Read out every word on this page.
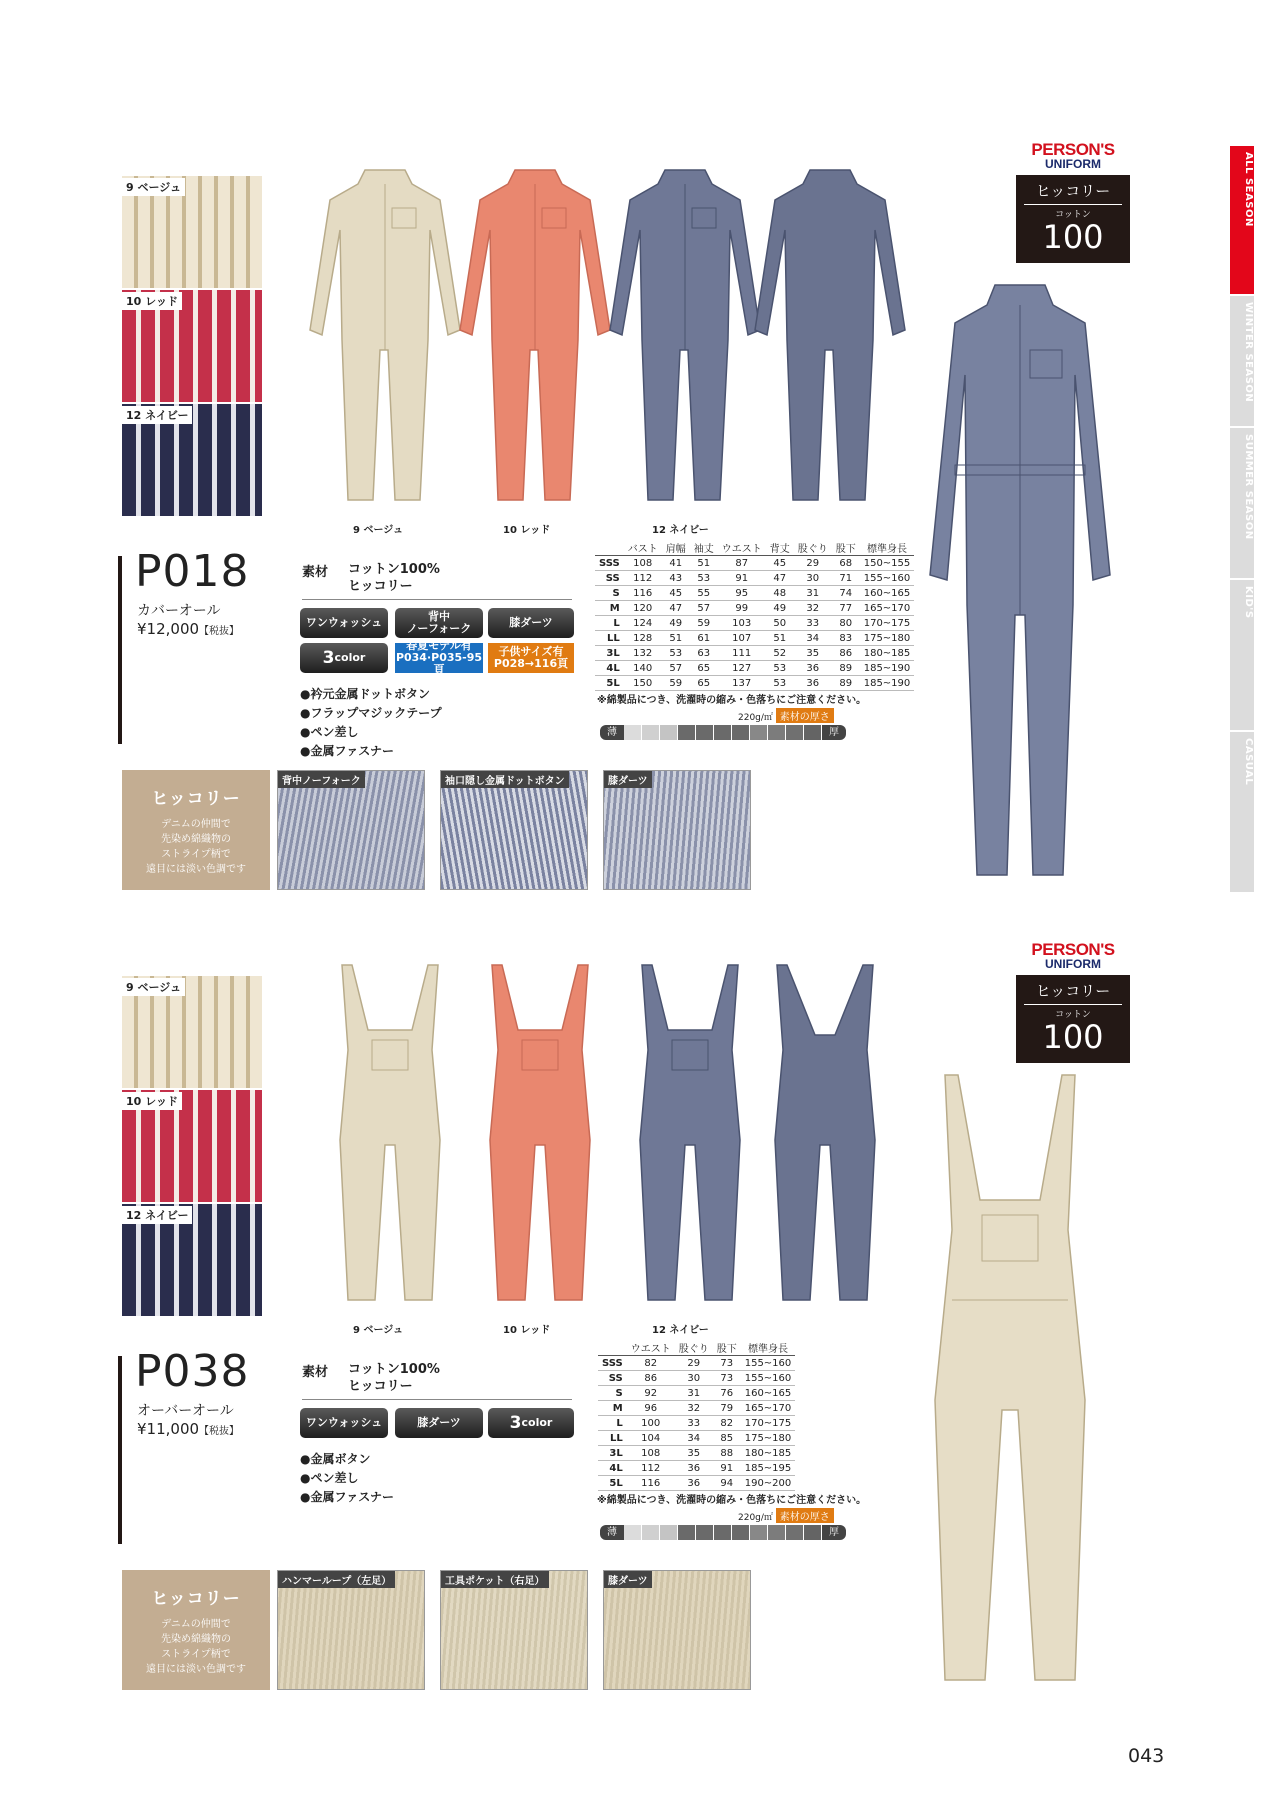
ALL SEASON
WINTER SEASON
SUMMER SEASON
KID'S
CASUAL
9 ベージュ
10 レッド
12 ネイビー
9 ベージュ	10 レッド	12 ネイビー
PERSON'S
UNIFORM
ヒッコリー
コットン
100
P018
カバーオール
¥12,000【税抜】
素材 コットン100%
ヒッコリー
ワンウォッシュ	背中
ノーフォーク	膝ダーツ
3 color
春夏モデル有
P034·P035-95頁
子供サイズ有
P028→116頁
●衿元金属ドットボタン
●フラップマジックテープ
●ペン差し
●金属ファスナー
	バスト	肩幅	袖丈	ウエスト	背丈	股ぐり	股下	標準身長
SSS	108	41	51	87	45	29	68	150~155
SS	112	43	53	91	47	30	71	155~160
S	116	45	55	95	48	31	74	160~165
M	120	47	57	99	49	32	77	165~170
L	124	49	59	103	50	33	80	170~175
LL	128	51	61	107	51	34	83	175~180
3L	132	53	63	111	52	35	86	180~185
4L	140	57	65	127	53	36	89	185~190
5L	150	59	65	137	53	36	89	185~190
※綿製品につき、洗濯時の縮み・色落ちにご注意ください。
220g/㎡ 素材の厚さ
薄	厚
ヒッコリー
デニムの仲間で
先染め綿織物の
ストライプ柄で
遠目には淡い色調です
背中ノーフォーク	袖口隠し金属ドットボタン	膝ダーツ
9 ベージュ
10 レッド
12 ネイビー
9 ベージュ	10 レッド	12 ネイビー
PERSON'S
UNIFORM
ヒッコリー
コットン
100
P038
オーバーオール
¥11,000【税抜】
素材 コットン100%
ヒッコリー
ワンウォッシュ	膝ダーツ	3 color
●金属ボタン
●ペン差し
●金属ファスナー
	ウエスト	股ぐり	股下	標準身長
SSS	82	29	73	155~160
SS	86	30	73	155~160
S	92	31	76	160~165
M	96	32	79	165~170
L	100	33	82	170~175
LL	104	34	85	175~180
3L	108	35	88	180~185
4L	112	36	91	185~195
5L	116	36	94	190~200
※綿製品につき、洗濯時の縮み・色落ちにご注意ください。
220g/㎡ 素材の厚さ
薄	厚
ヒッコリー
デニムの仲間で
先染め綿織物の
ストライプ柄で
遠目には淡い色調です
ハンマーループ（左足）	工具ポケット（右足）	膝ダーツ
043
